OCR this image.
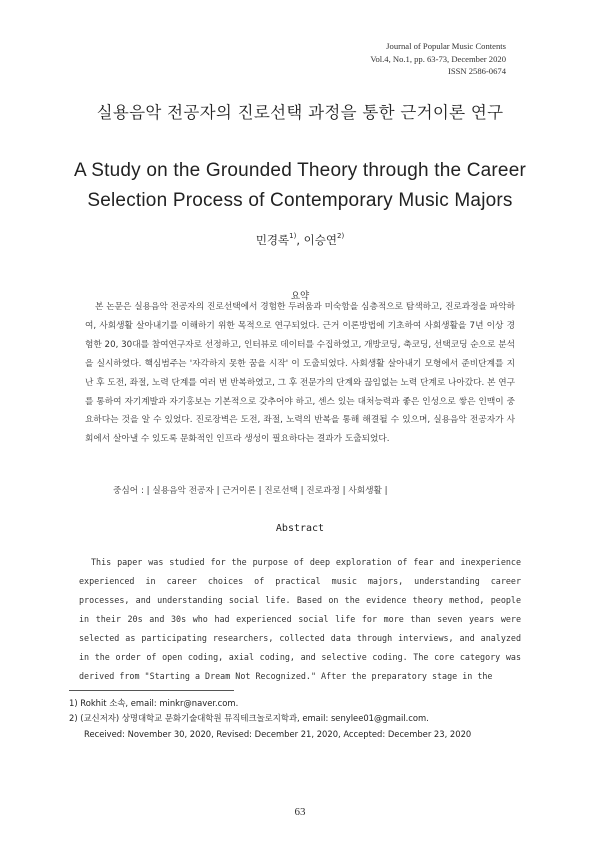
Journal of Popular Music Contents
Vol.4, No.1, pp. 63-73, December 2020
ISSN 2586-0674
실용음악 전공자의 진로선택 과정을 통한 근거이론 연구
A Study on the Grounded Theory through the Career
Selection Process of Contemporary Music Majors
민경록$^{1)}$, 이승연$^{2)}$
요약

본 논문은 실용음악 전공자의 진로선택에서 경험한 두려움과 미숙함을 심층적으로 탐색하고, 진로과정을 파악하여, 사회생활 살아내기를 이해하기 위한 목적으로 연구되었다. 근거 이론방법에 기초하여 사회생활을 7년 이상 경험한 20, 30대를 참여연구자로 선정하고, 인터뷰로 데이터를 수집하였고, 개방코딩, 축코딩, 선택코딩 순으로 분석을 실시하였다. 핵심범주는 '자각하지 못한 꿈을 시작' 이 도출되었다. 사회생활 살아내기 모형에서 준비단계를 지난 후 도전, 좌절, 노력 단계를 여러 번 반복하였고, 그 후 전문가의 단계와 끊임없는 노력 단계로 나아갔다. 본 연구를 통하여 자기계발과 자기홍보는 기본적으로 갖추어야 하고, 센스 있는 대처능력과 좋은 인성으로 쌓은 인맥이 중요하다는 것을 알 수 있었다. 진로장벽은 도전, 좌절, 노력의 반복을 통해 해결될 수 있으며, 실용음악 전공자가 사회에서 살아낼 수 있도록 문화적인 인프라 생성이 필요하다는 결과가 도출되었다.

중심어 : | 실용음악 전공자 | 근거이론 | 진로선택 | 진로과정 | 사회생활 |
Abstract

This paper was studied for the purpose of deep exploration of fear and inexperience experienced in career choices of practical music majors, understanding career processes, and understanding social life. Based on the evidence theory method, people in their 20s and 30s who had experienced social life for more than seven years were selected as participating researchers, collected data through interviews, and analyzed in the order of open coding, axial coding, and selective coding. The core category was derived from "Starting a Dream Not Recognized." After the preparatory stage in the

1) Rokhit 소속, email: minkr@naver.com.
2) (교신저자) 상명대학교 문화기술대학원 뮤직테크놀로지학과, email: senylee01@gmail.com.
Received: November 30, 2020, Revised: December 21, 2020, Accepted: December 23, 2020
63
